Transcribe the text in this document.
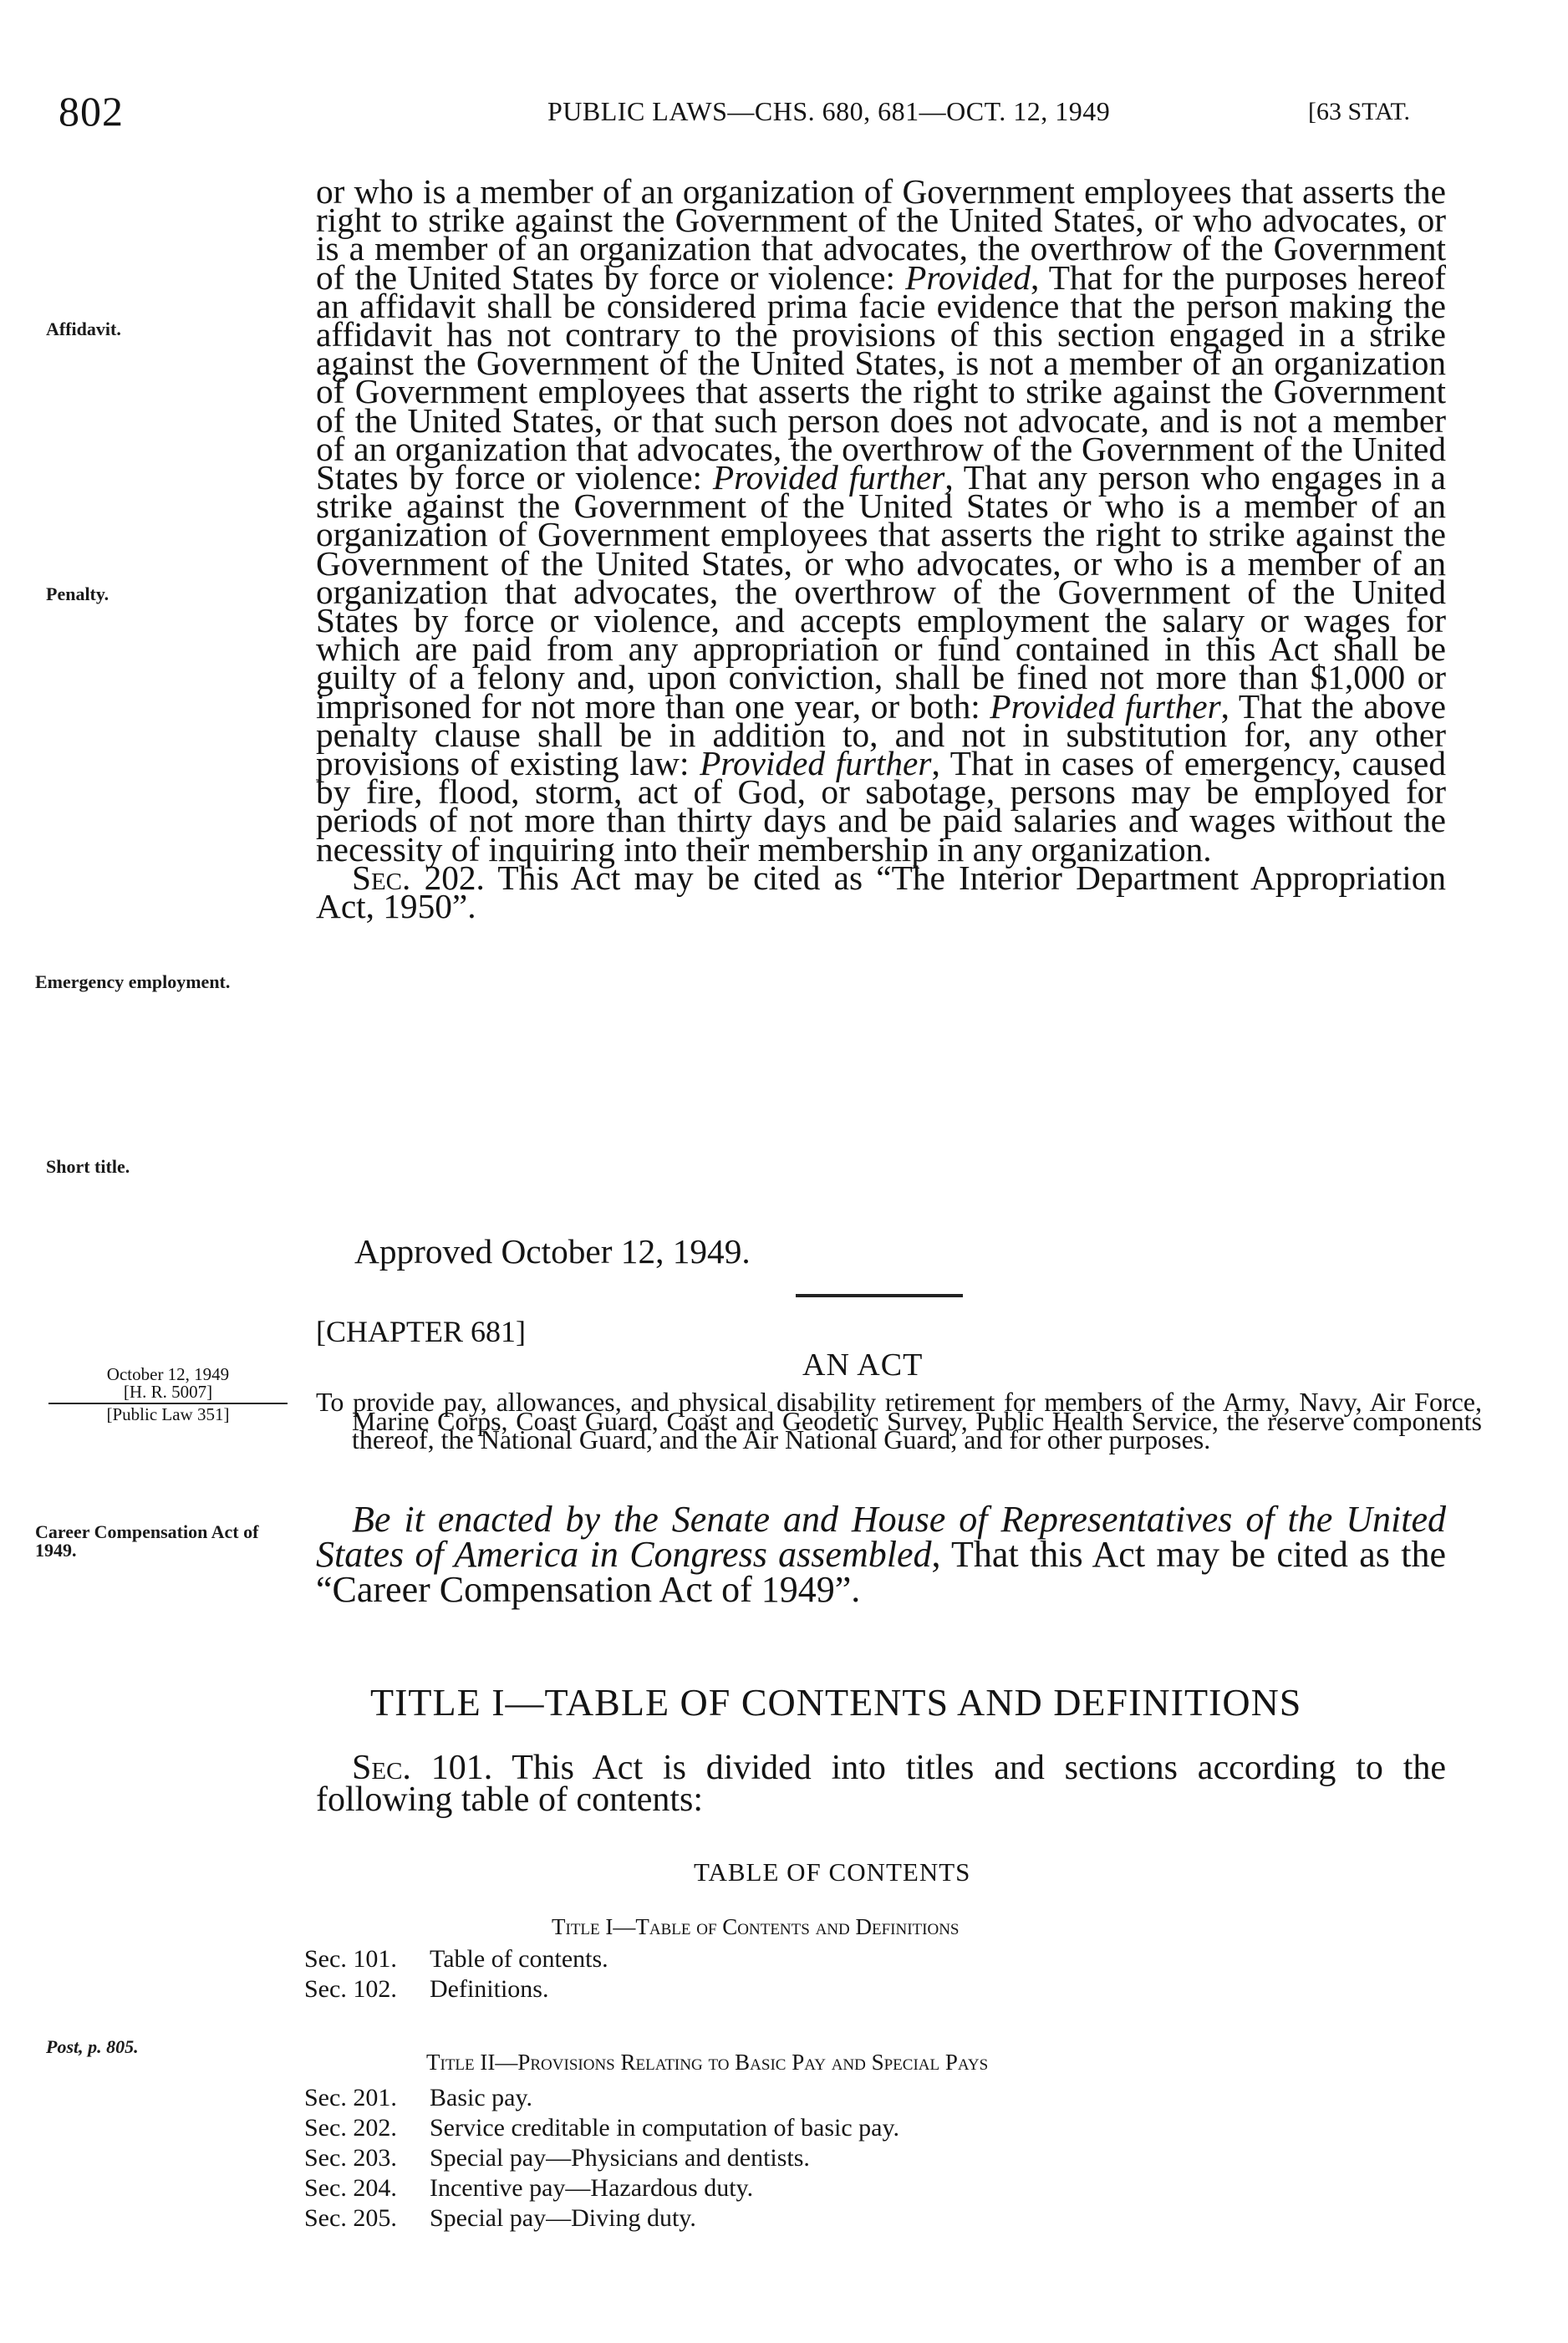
802	PUBLIC LAWS—CHS. 680, 681—OCT. 12, 1949	[63 STAT.
Affidavit.
Penalty.
Emergency employment.
Short title.
Career Compensation Act of 1949.
Post, p. 805.

or who is a member of an organization of Government employees that asserts the right to strike against the Government of the United States, or who advocates, or is a member of an organization that advocates, the overthrow of the Government of the United States by force or violence: Provided, That for the purposes hereof an affidavit shall be considered prima facie evidence that the person making the affidavit has not contrary to the provisions of this section engaged in a strike against the Government of the United States, is not a member of an organization of Government employees that asserts the right to strike against the Government of the United States, or that such person does not advocate, and is not a member of an organization that advocates, the overthrow of the Government of the United States by force or violence: Provided further, That any person who engages in a strike against the Government of the United States or who is a member of an organization of Government employees that asserts the right to strike against the Government of the United States, or who advocates, or who is a member of an organization that advocates, the overthrow of the Government of the United States by force or violence, and accepts employment the salary or wages for which are paid from any appropriation or fund contained in this Act shall be guilty of a felony and, upon conviction, shall be fined not more than $1,000 or imprisoned for not more than one year, or both: Provided further, That the above penalty clause shall be in addition to, and not in substitution for, any other provisions of existing law: Provided further, That in cases of emergency, caused by fire, flood, storm, act of God, or sabotage, persons may be employed for periods of not more than thirty days and be paid salaries and wages without the necessity of inquiring into their membership in any organization.

Sec. 202. This Act may be cited as “The Interior Department Appropriation Act, 1950”.

Approved October 12, 1949.
[CHAPTER 681]
AN ACT
October 12, 1949
[H. R. 5007]
[Public Law 351]	To provide pay, allowances, and physical disability retirement for members of the Army, Navy, Air Force, Marine Corps, Coast Guard, Coast and Geodetic Survey, Public Health Service, the reserve components thereof, the National Guard, and the Air National Guard, and for other purposes.

Be it enacted by the Senate and House of Representatives of the United States of America in Congress assembled, That this Act may be cited as the “Career Compensation Act of 1949”.

TITLE I—TABLE OF CONTENTS AND DEFINITIONS

Sec. 101. This Act is divided into titles and sections according to the following table of contents:

TABLE OF CONTENTS
Title I—Table of Contents and Definitions
Sec. 101. Table of contents.
Sec. 102. Definitions.
Title II—Provisions Relating to Basic Pay and Special Pays
Sec. 201. Basic pay.
Sec. 202. Service creditable in computation of basic pay.
Sec. 203. Special pay—Physicians and dentists.
Sec. 204. Incentive pay—Hazardous duty.
Sec. 205. Special pay—Diving duty.
